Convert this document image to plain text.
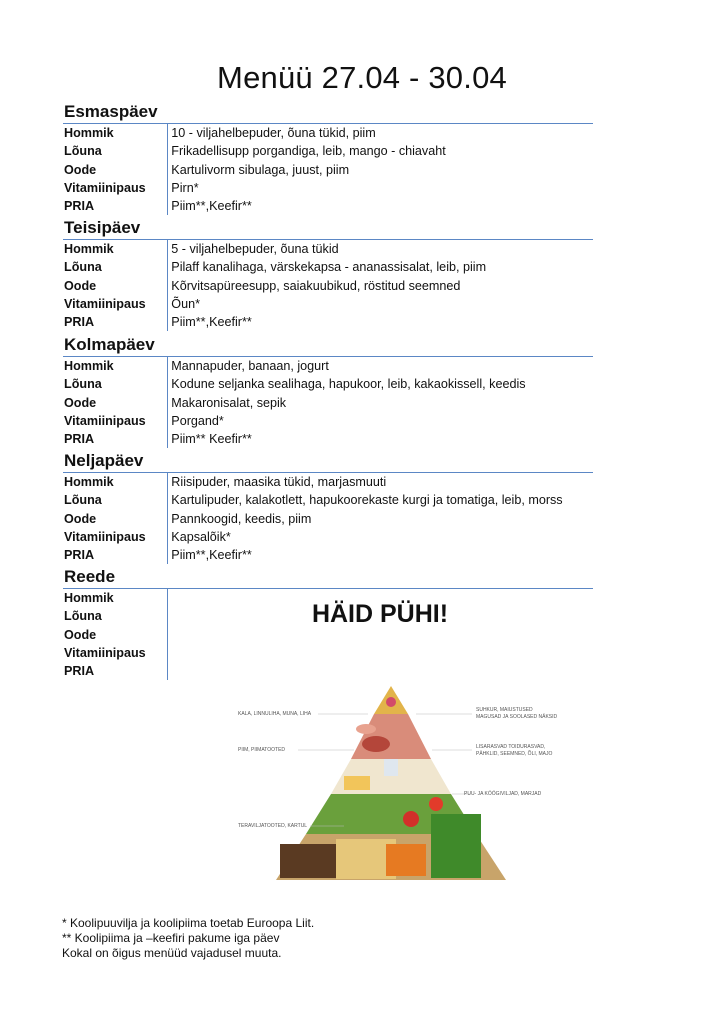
Menüü 27.04 - 30.04
Esmaspäev
Hommik	10 - viljahelbepuder, õuna tükid, piim
Lõuna	Frikadellisupp porgandiga, leib, mango - chiavaht
Oode	Kartulivorm sibulaga, juust, piim
Vitamiinipaus	Pirn*
PRIA	Piim**,Keefir**
Teisipäev
Hommik	5 - viljahelbepuder, õuna tükid
Lõuna	Pilaff kanalihaga, värskekapsa - ananassisalat, leib, piim
Oode	Kõrvitsapüreesupp, saiakuubikud, röstitud seemned
Vitamiinipaus	Õun*
PRIA	Piim**,Keefir**
Kolmapäev
Hommik	Mannapuder, banaan, jogurt
Lõuna	Kodune seljanka sealihaga, hapukoor, leib, kakaokissell, keedis
Oode	Makaronisalat, sepik
Vitamiinipaus	Porgand*
PRIA	Piim** Keefir**
Neljapäev
Hommik	Riisipuder, maasika tükid, marjasmuuti
Lõuna	Kartulipuder, kalakotlett, hapukoorekaste kurgi ja tomatiga, leib, morss
Oode	Pannkoogid, keedis, piim
Vitamiinipaus	Kapsalõik*
PRIA	Piim**,Keefir**
Reede
Hommik
Lõuna
Oode
Vitamiinipaus
PRIA
HÄID PÜHI!
SUHKUR, MAIUSTUSED
MAGUSAD JA SOOLASED NÄKSID
KALA, LINNULIHA, MUNA, LIHA
PIIM, PIIMATOOTED	LISARASVAD TOIDURASVAD,
PÄHKLID, SEEMNED, ÕLI, MAJO
PUU- JA KÖÖGIVILJAD, MARJAD
TERAVILJATOOTED, KARTUL
* Koolipuuvilja ja koolipiima toetab Euroopa Liit.
** Koolipiima ja –keefiri pakume iga päev
Kokal on õigus menüüd vajadusel muuta.
